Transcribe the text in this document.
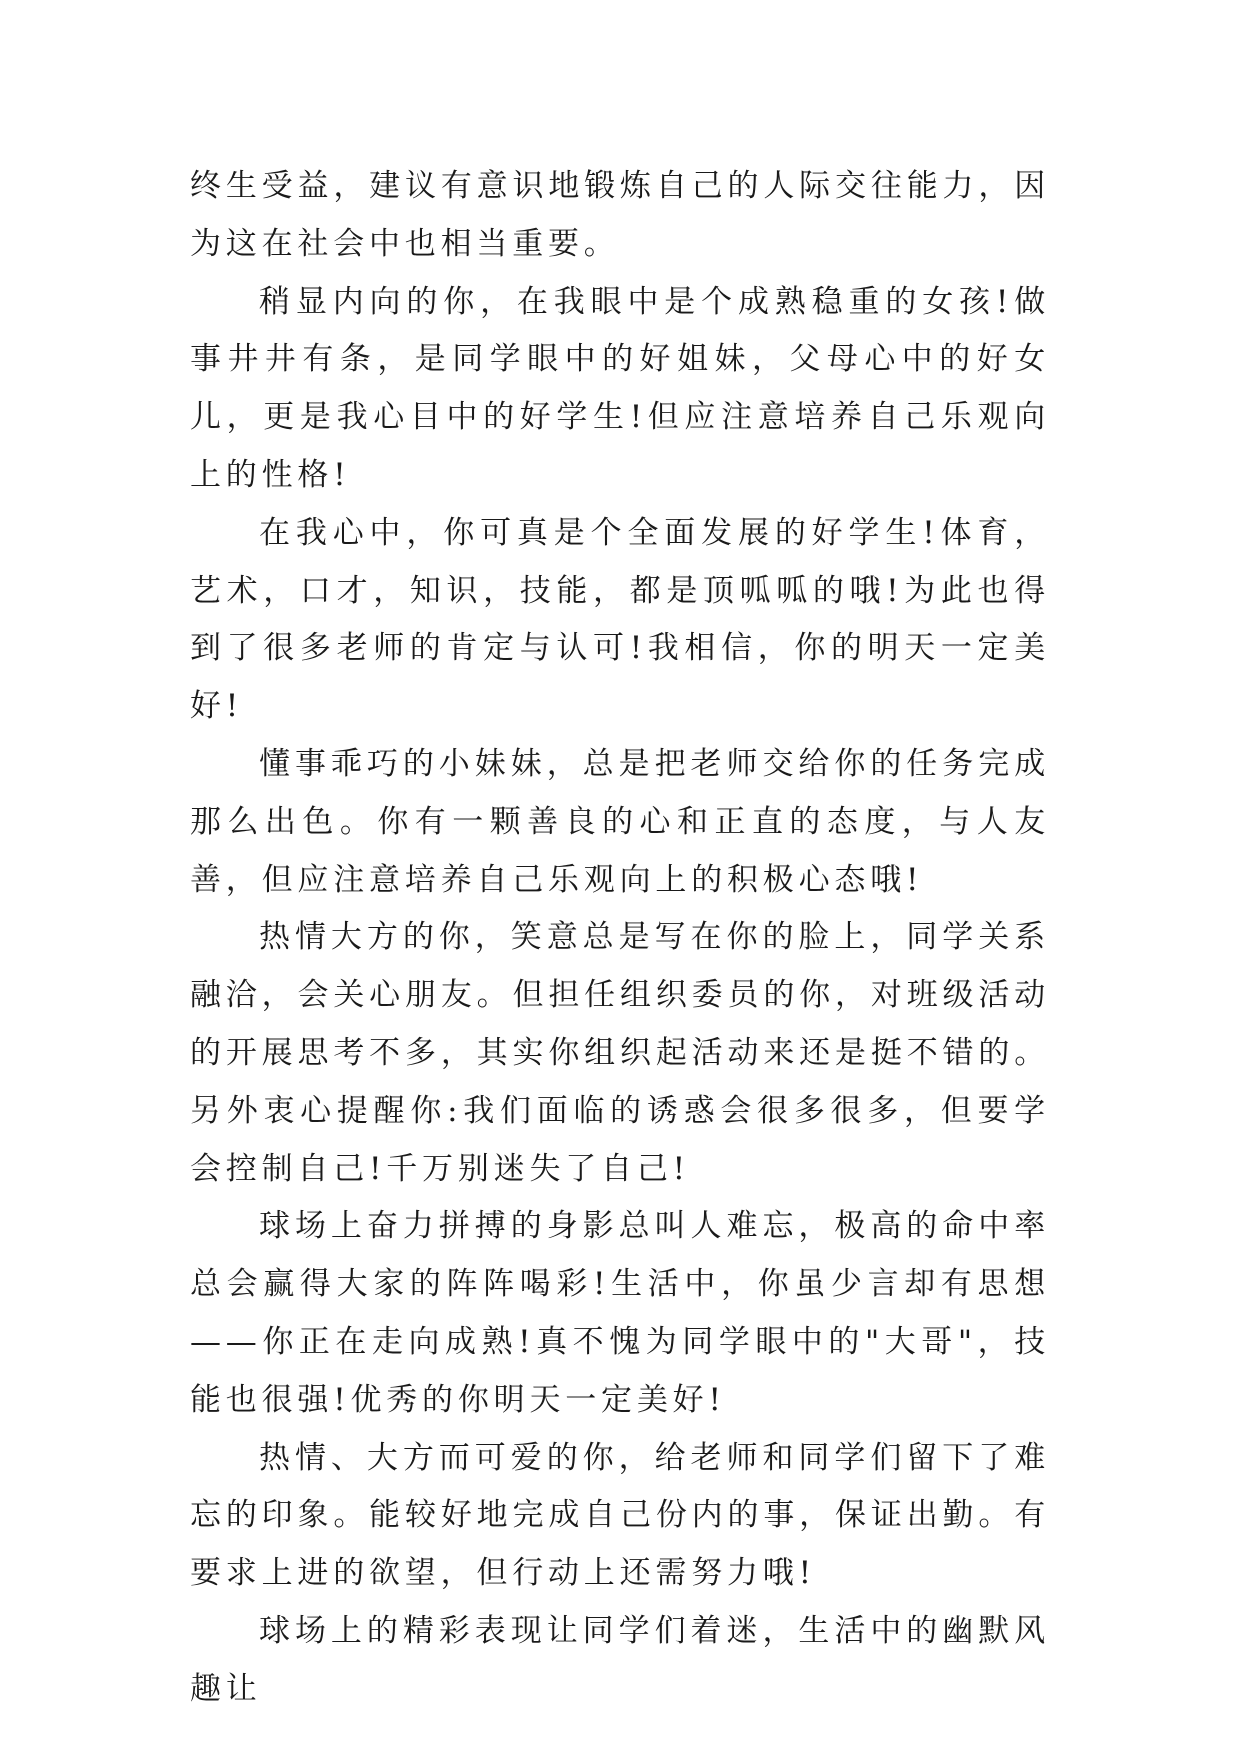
终生受益，建议有意识地锻炼自己的人际交往能力，因为这在社会中也相当重要。

稍显内向的你，在我眼中是个成熟稳重的女孩!做事井井有条，是同学眼中的好姐妹，父母心中的好女儿，更是我心目中的好学生!但应注意培养自己乐观向上的性格!

在我心中，你可真是个全面发展的好学生!体育，艺术，口才，知识，技能，都是顶呱呱的哦!为此也得到了很多老师的肯定与认可!我相信，你的明天一定美好!

懂事乖巧的小妹妹，总是把老师交给你的任务完成那么出色。你有一颗善良的心和正直的态度，与人友善，但应注意培养自己乐观向上的积极心态哦!

热情大方的你，笑意总是写在你的脸上，同学关系融洽，会关心朋友。但担任组织委员的你，对班级活动的开展思考不多，其实你组织起活动来还是挺不错的。另外衷心提醒你:我们面临的诱惑会很多很多，但要学会控制自己!千万别迷失了自己!

球场上奋力拼搏的身影总叫人难忘，极高的命中率总会赢得大家的阵阵喝彩!生活中，你虽少言却有思想——你正在走向成熟!真不愧为同学眼中的"大哥"，技能也很强!优秀的你明天一定美好!

热情、大方而可爱的你，给老师和同学们留下了难忘的印象。能较好地完成自己份内的事，保证出勤。有要求上进的欲望，但行动上还需努力哦!

球场上的精彩表现让同学们着迷，生活中的幽默风趣让
